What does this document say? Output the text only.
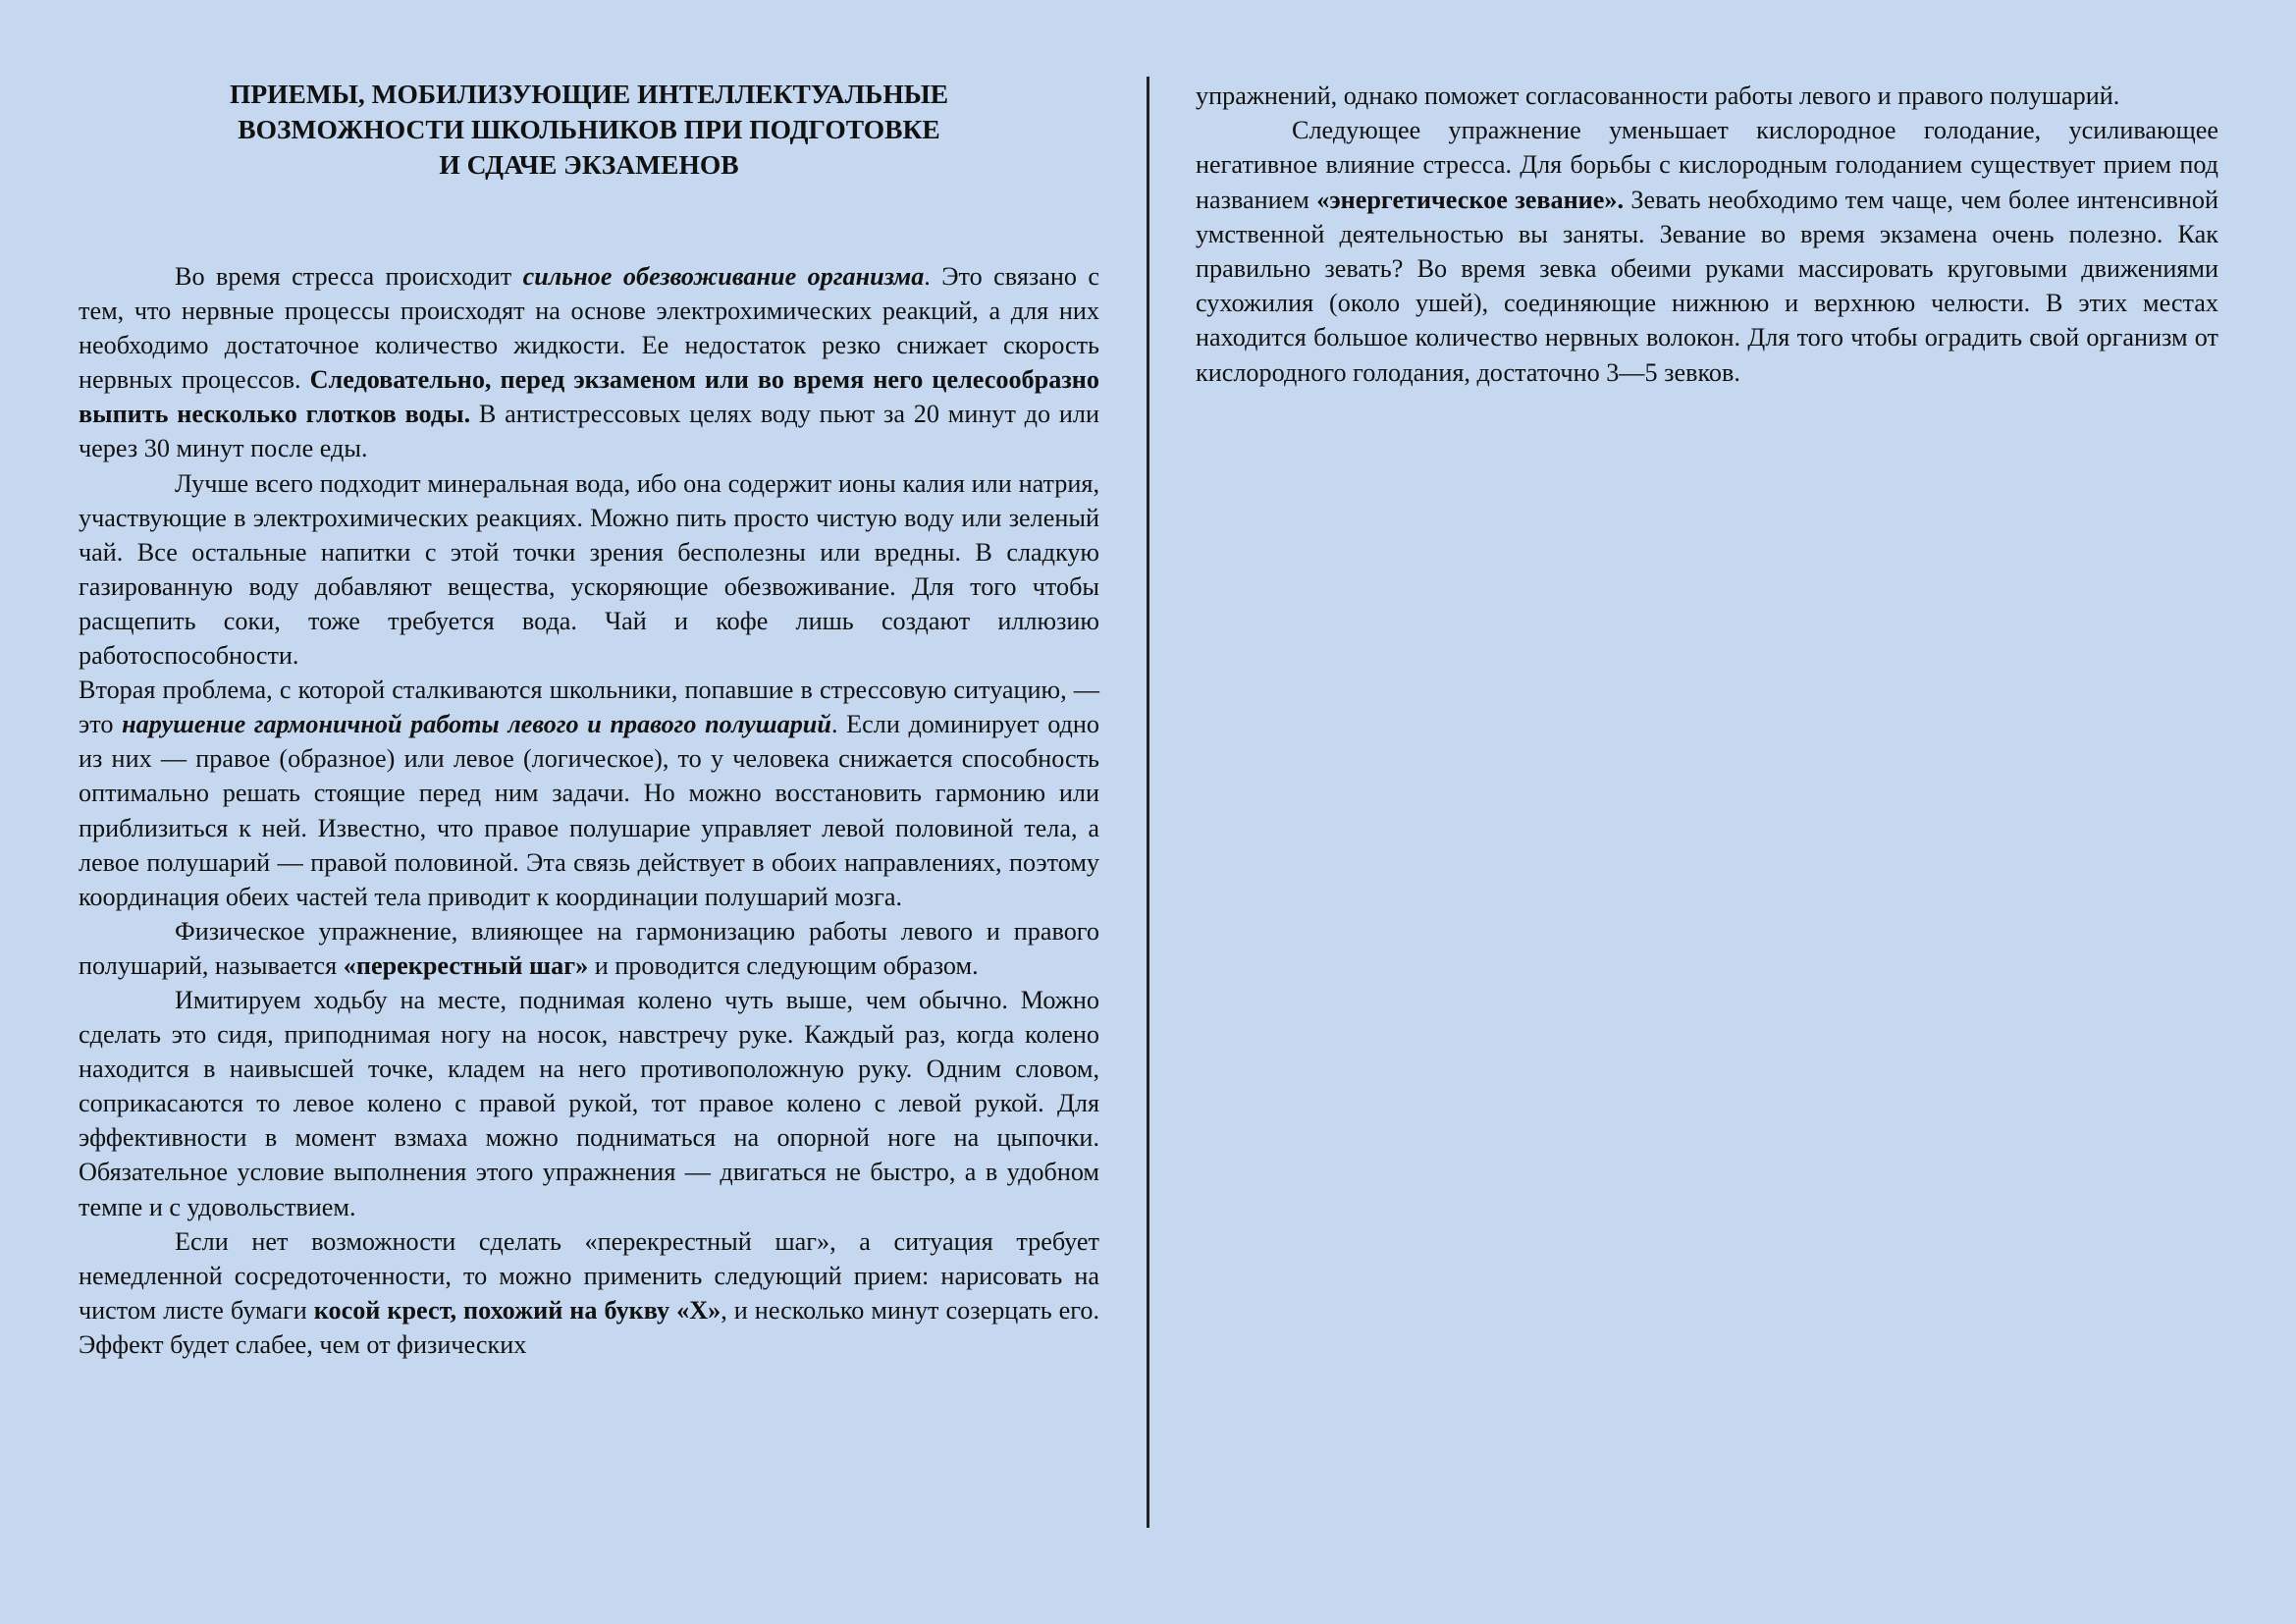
ПРИЕМЫ, МОБИЛИЗУЮЩИЕ ИНТЕЛЛЕКТУАЛЬНЫЕ
ВОЗМОЖНОСТИ ШКОЛЬНИКОВ ПРИ ПОДГОТОВКЕ
И СДАЧЕ ЭКЗАМЕНОВ

Во время стресса происходит сильное обезвоживание организма. Это связано с тем, что нервные процессы происходят на основе электрохимических реакций, а для них необходимо достаточное количество жидкости. Ее недостаток резко снижает скорость нервных процессов. Следовательно, перед экзаменом или во время него целесообразно выпить несколько глотков воды. В антистрессовых целях воду пьют за 20 минут до или через 30 минут после еды.

Лучше всего подходит минеральная вода, ибо она содержит ионы калия или натрия, участвующие в электрохимических реакциях. Можно пить просто чистую воду или зеленый чай. Все остальные напитки с этой точки зрения бесполезны или вредны. В сладкую газированную воду добавляют вещества, ускоряющие обезвоживание. Для того чтобы расщепить соки, тоже требуется вода. Чай и кофе лишь создают иллюзию работоспособности.

Вторая проблема, с которой сталкиваются школьники, попавшие в стрессовую ситуацию, — это нарушение гармоничной работы левого и правого полушарий. Если доминирует одно из них — правое (образное) или левое (логическое), то у человека снижается способность оптимально решать стоящие перед ним задачи. Но можно восстановить гармонию или приблизиться к ней. Известно, что правое полушарие управляет левой половиной тела, а левое полушарий — правой половиной. Эта связь действует в обоих направлениях, поэтому координация обеих частей тела приводит к координации полушарий мозга.

Физическое упражнение, влияющее на гармонизацию работы левого и правого полушарий, называется «перекрестный шаг» и проводится следующим образом.

Имитируем ходьбу на месте, поднимая колено чуть выше, чем обычно. Можно сделать это сидя, приподнимая ногу на носок, навстречу руке. Каждый раз, когда колено находится в наивысшей точке, кладем на него противоположную руку. Одним словом, соприкасаются то левое колено с правой рукой, тот правое колено с левой рукой. Для эффективности в момент взмаха можно подниматься на опорной ноге на цыпочки. Обязательное условие выполнения этого упражнения — двигаться не быстро, а в удобном темпе и с удовольствием.

Если нет возможности сделать «перекрестный шаг», а ситуация требует немедленной сосредоточенности, то можно применить следующий прием: нарисовать на чистом листе бумаги косой крест, похожий на букву «Х», и несколько минут созерцать его. Эффект будет слабее, чем от физических

упражнений, однако поможет согласованности работы левого и правого полушарий.

Следующее упражнение уменьшает кислородное голодание, усиливающее негативное влияние стресса. Для борьбы с кислородным голоданием существует прием под названием «энергетическое зевание». Зевать необходимо тем чаще, чем более интенсивной умственной деятельностью вы заняты. Зевание во время экзамена очень полезно. Как правильно зевать? Во время зевка обеими руками массировать круговыми движениями сухожилия (около ушей), соединяющие нижнюю и верхнюю челюсти. В этих местах находится большое количество нервных волокон. Для того чтобы оградить свой организм от кислородного голодания, достаточно 3—5 зевков.
